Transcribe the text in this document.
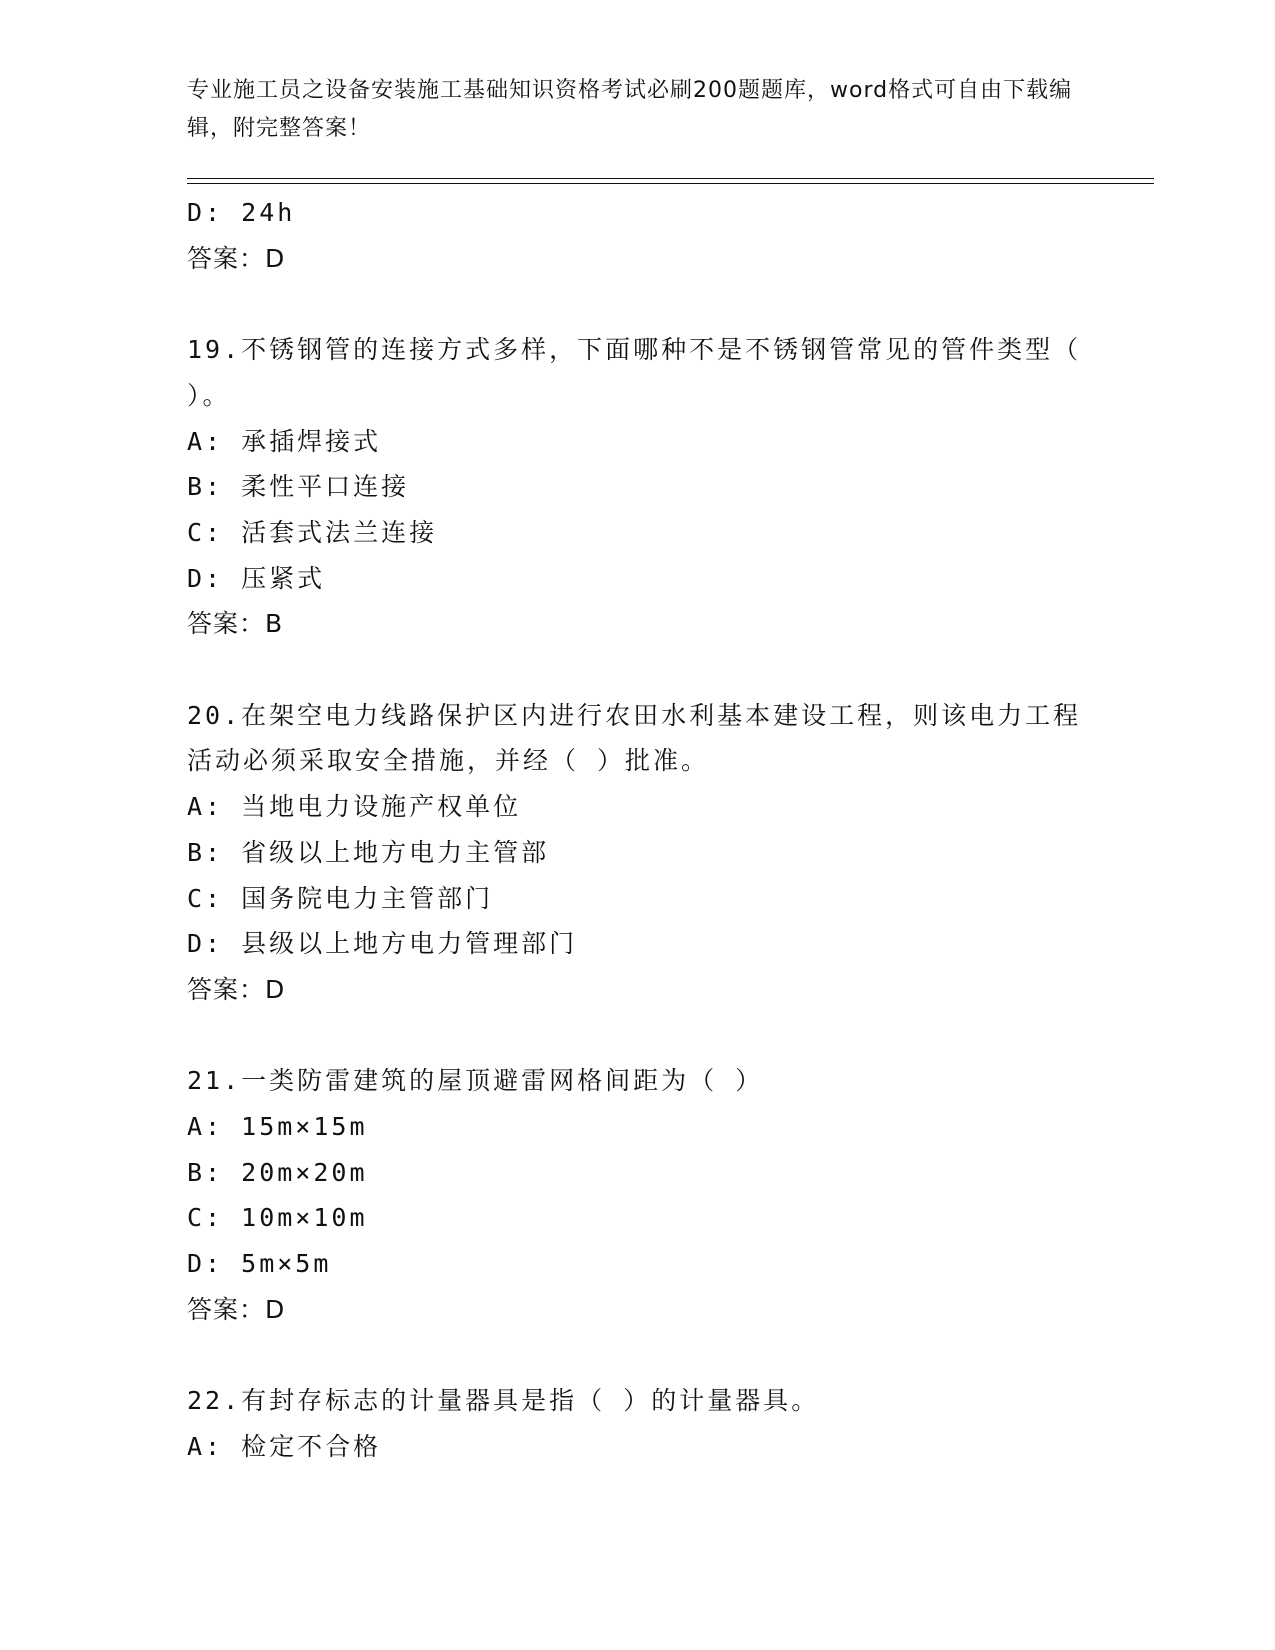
专业施工员之设备安装施工基础知识资格考试必刷200题题库，word格式可自由下载编辑，附完整答案！
D: 24h
答案：D
19.不锈钢管的连接方式多样，下面哪种不是不锈钢管常见的管件类型（ ）。
A: 承插焊接式
B: 柔性平口连接
C: 活套式法兰连接
D: 压紧式
答案：B
20.在架空电力线路保护区内进行农田水利基本建设工程，则该电力工程活动必须采取安全措施，并经（ ）批准。
A: 当地电力设施产权单位
B: 省级以上地方电力主管部
C: 国务院电力主管部门
D: 县级以上地方电力管理部门
答案：D
21.一类防雷建筑的屋顶避雷网格间距为（ ）
A: 15m×15m
B: 20m×20m
C: 10m×10m
D: 5m×5m
答案：D
22.有封存标志的计量器具是指（ ）的计量器具。
A: 检定不合格
